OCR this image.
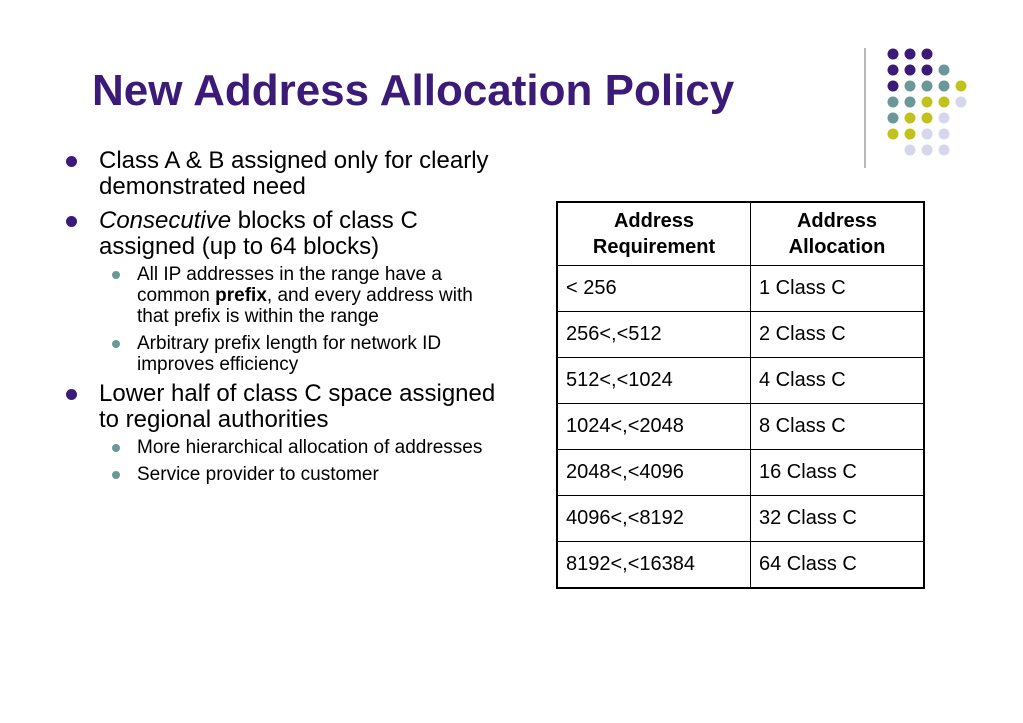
New Address Allocation Policy
Class A & B assigned only for clearly demonstrated need
Consecutive blocks of class C assigned (up to 64 blocks)
All IP addresses in the range have a common prefix, and every address with that prefix is within the range
Arbitrary prefix length for network ID improves efficiency
Lower half of class C space assigned to regional authorities
More hierarchical allocation of addresses
Service provider to customer
Address Requirement	Address Allocation
< 256	1 Class C
256<,<512	2 Class C
512<,<1024	4 Class C
1024<,<2048	8 Class C
2048<,<4096	16 Class C
4096<,<8192	32 Class C
8192<,<16384	64 Class C
